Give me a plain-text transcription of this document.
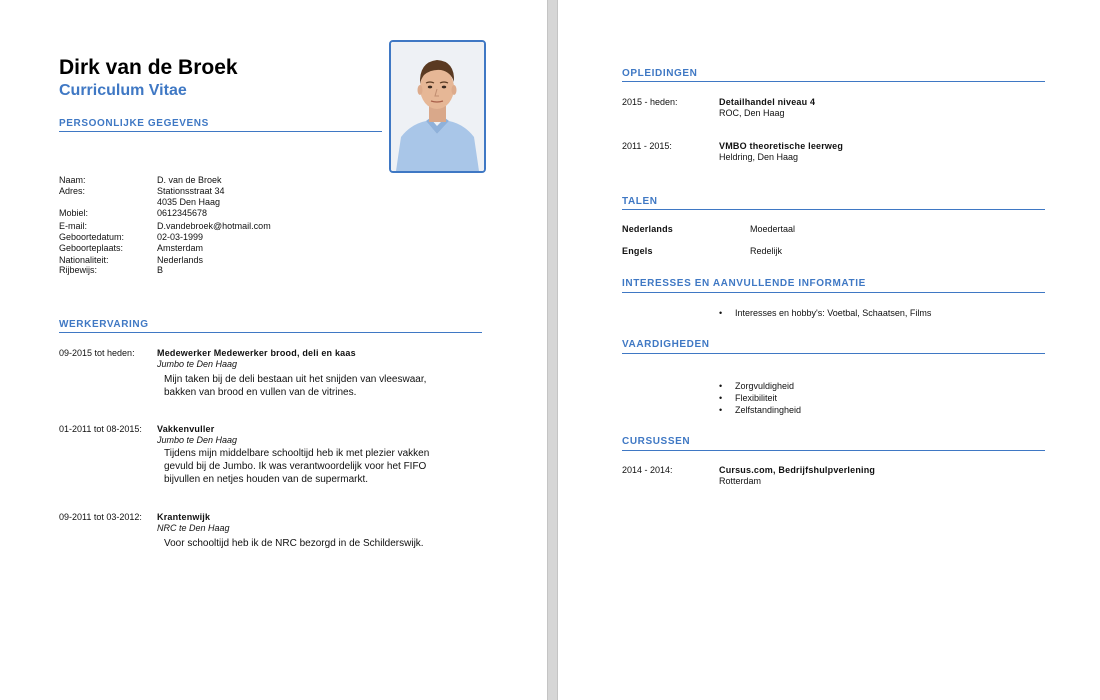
Dirk van de Broek
Curriculum Vitae
PERSOONLIJKE GEGEVENS
Naam:	D. van de Broek
Adres:	Stationsstraat 34
4035 Den Haag
Mobiel:	0612345678
E-mail:	D.vandebroek@hotmail.com
Geboortedatum:	02-03-1999
Geboorteplaats:	Amsterdam
Nationaliteit:	Nederlands
Rijbewijs:	B
WERKERVARING
09-2015 tot heden: Medewerker Medewerker brood, deli en kaas
Jumbo te Den Haag
Mijn taken bij de deli bestaan uit het snijden van vleeswaar,
bakken van brood en vullen van de vitrines.
01-2011 tot 08-2015: Vakkenvuller
Jumbo te Den Haag
Tijdens mijn middelbare schooltijd heb ik met plezier vakken
gevuld bij de Jumbo. Ik was verantwoordelijk voor het FIFO
bijvullen en netjes houden van de supermarkt.
09-2011 tot 03-2012: Krantenwijk
NRC te Den Haag
Voor schooltijd heb ik de NRC bezorgd in de Schilderswijk.
OPLEIDINGEN
2015 - heden:	Detailhandel niveau 4
ROC, Den Haag
2011 - 2015:	VMBO theoretische leerweg
Heldring, Den Haag
TALEN
Nederlands	Moedertaal
Engels	Redelijk
INTERESSES EN AANVULLENDE INFORMATIE
• Interesses en hobby's: Voetbal, Schaatsen, Films
VAARDIGHEDEN
• Zorgvuldigheid
• Flexibiliteit
• Zelfstandingheid
CURSUSSEN
2014 - 2014:	Cursus.com, Bedrijfshulpverlening
Rotterdam
